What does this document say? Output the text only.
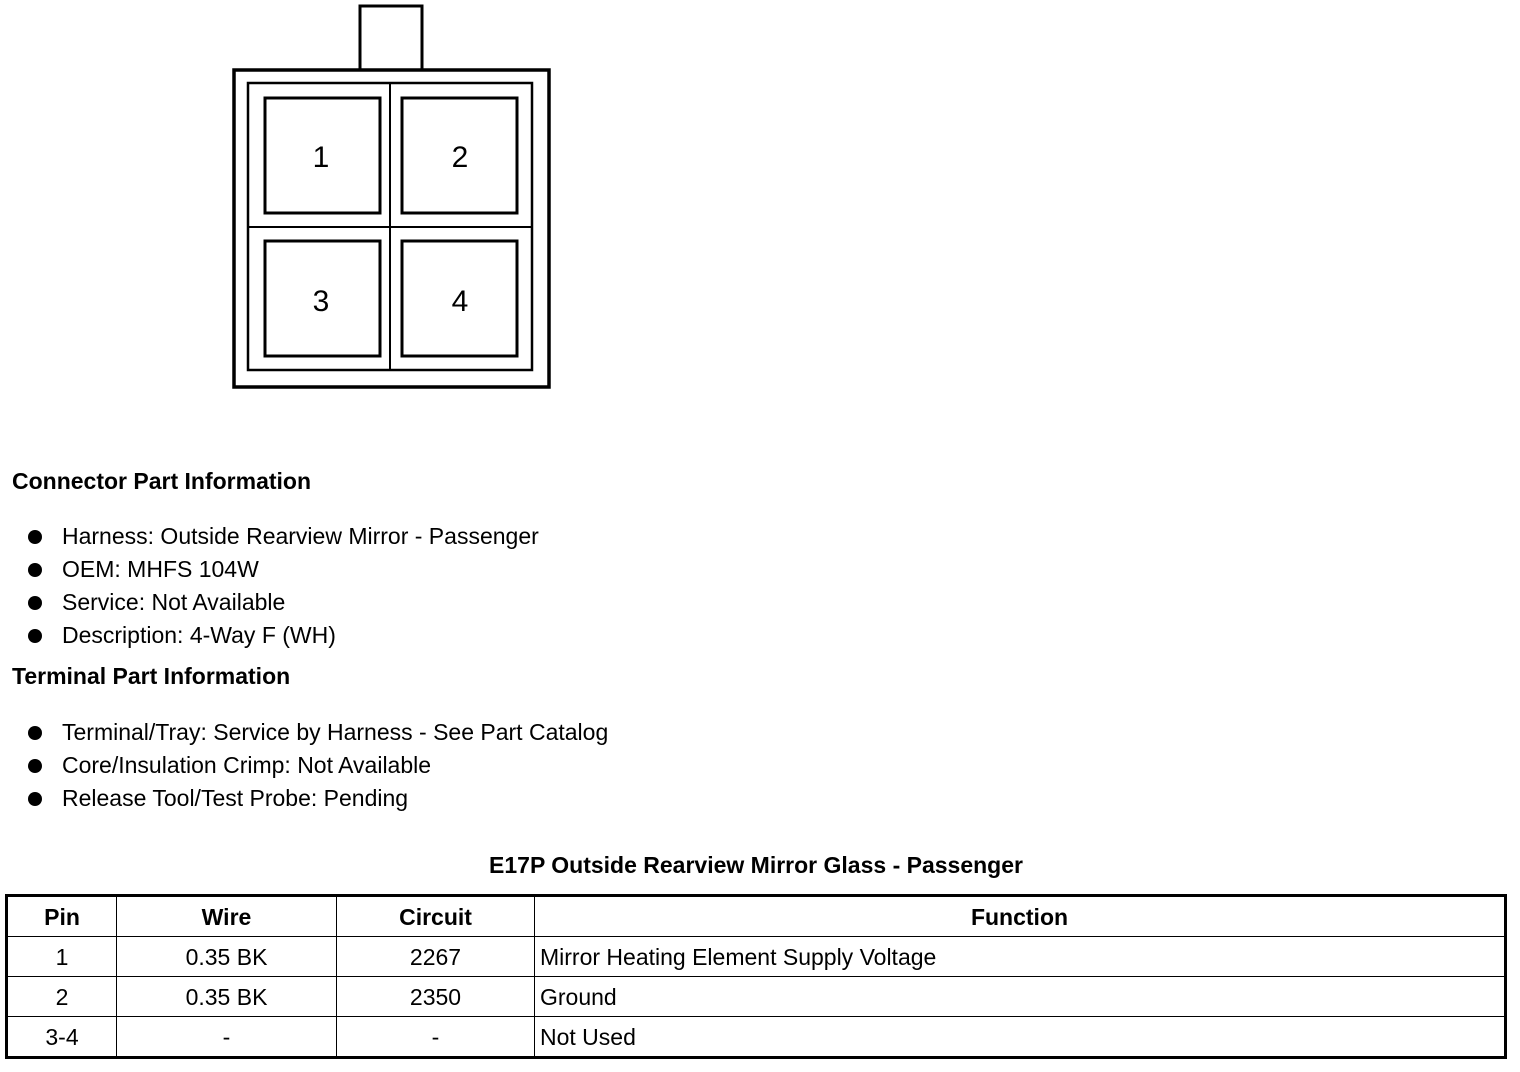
1	2
3	4
Connector Part Information
Harness: Outside Rearview Mirror - Passenger
OEM: MHFS 104W
Service: Not Available
Description: 4-Way F (WH)
Terminal Part Information
Terminal/Tray: Service by Harness - See Part Catalog
Core/Insulation Crimp: Not Available
Release Tool/Test Probe: Pending
E17P Outside Rearview Mirror Glass - Passenger
Pin	Wire	Circuit	Function
1	0.35 BK	2267	Mirror Heating Element Supply Voltage
2	0.35 BK	2350	Ground
3-4	-	-	Not Used
